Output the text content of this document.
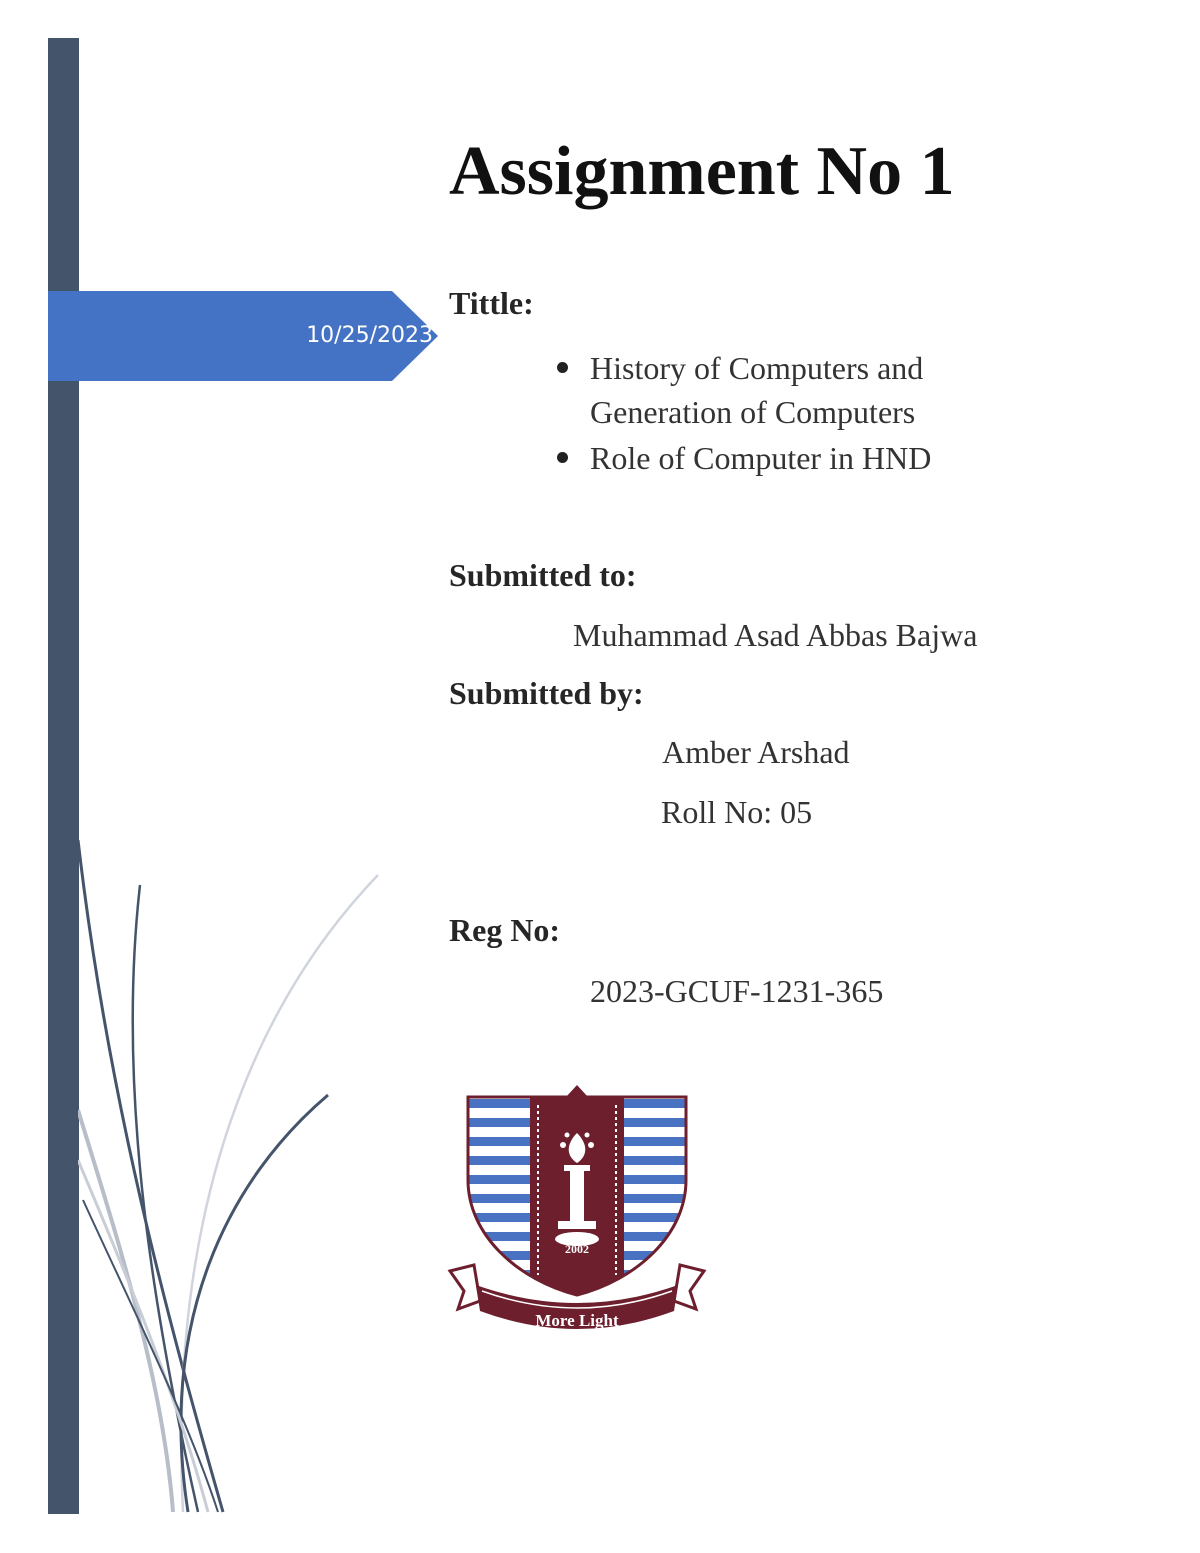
10/25/2023
Assignment No 1

Tittle:

History of Computers and Generation of Computers
Role of Computer in HND

Submitted to:

Muhammad Asad Abbas Bajwa

Submitted by:

Amber Arshad

Roll No: 05

Reg No:

2023-GCUF-1231-365

2002
More Light
